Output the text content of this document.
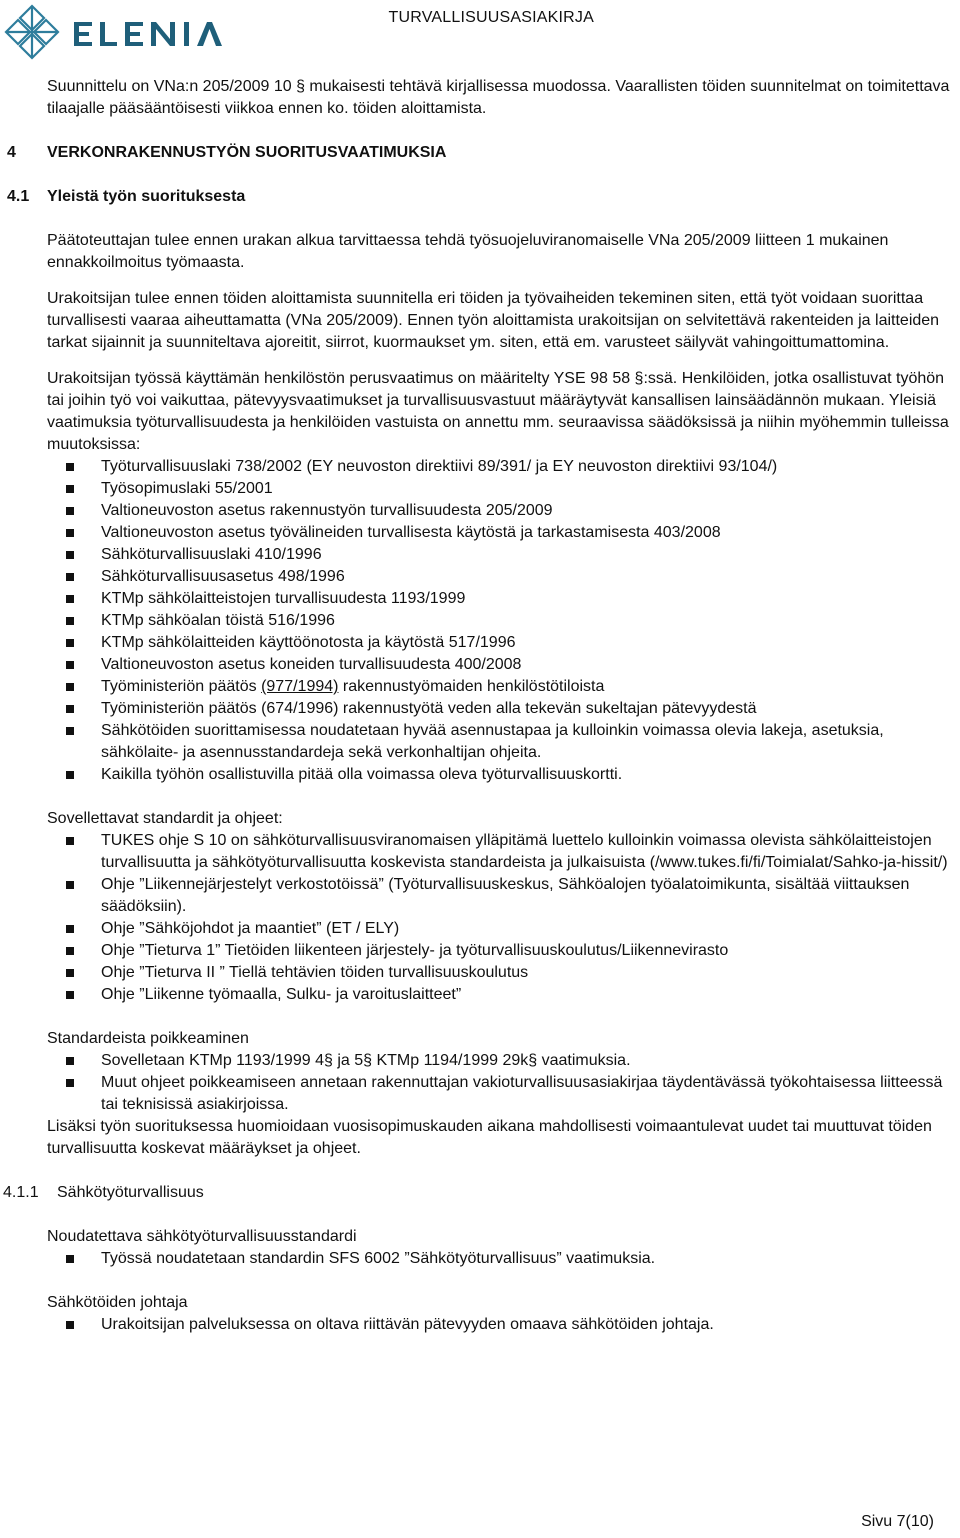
TURVALLISUUSASIAKIRJA

Suunnittelu on VNa:n 205/2009 10 § mukaisesti tehtävä kirjallisessa muodossa. Vaarallisten töiden suunnitelmat on toimitettava tilaajalle pääsääntöisesti viikkoa ennen ko. töiden aloittamista.

4 VERKONRAKENNUSTYÖN SUORITUSVAATIMUKSIA
4.1 Yleistä työn suorituksesta

Päätoteuttajan tulee ennen urakan alkua tarvittaessa tehdä työsuojeluviranomaiselle VNa 205/2009 liitteen 1 mukainen ennakkoilmoitus työmaasta.

Urakoitsijan tulee ennen töiden aloittamista suunnitella eri töiden ja työvaiheiden tekeminen siten, että työt voidaan suorittaa turvallisesti vaaraa aiheuttamatta (VNa 205/2009). Ennen työn aloittamista urakoitsijan on selvitettävä rakenteiden ja laitteiden tarkat sijainnit ja suunniteltava ajoreitit, siirrot, kuormaukset ym. siten, että em. varusteet säilyvät vahingoittumattomina.

Urakoitsijan työssä käyttämän henkilöstön perusvaatimus on määritelty YSE 98 58 §:ssä. Henkilöiden, jotka osallistuvat työhön tai joihin työ voi vaikuttaa, pätevyysvaatimukset ja turvallisuusvastuut määräytyvät kansallisen lainsäädännön mukaan. Yleisiä vaatimuksia työturvallisuudesta ja henkilöiden vastuista on annettu mm. seuraavissa säädöksissä ja niihin myöhemmin tulleissa muutoksissa:

Työturvallisuuslaki 738/2002 (EY neuvoston direktiivi 89/391/ ja EY neuvoston direktiivi 93/104/)
Työsopimuslaki 55/2001
Valtioneuvoston asetus rakennustyön turvallisuudesta 205/2009
Valtioneuvoston asetus työvälineiden turvallisesta käytöstä ja tarkastamisesta 403/2008
Sähköturvallisuuslaki 410/1996
Sähköturvallisuusasetus 498/1996
KTMp sähkölaitteistojen turvallisuudesta 1193/1999
KTMp sähköalan töistä 516/1996
KTMp sähkölaitteiden käyttöönotosta ja käytöstä 517/1996
Valtioneuvoston asetus koneiden turvallisuudesta 400/2008
Työministeriön päätös (977/1994) rakennustyömaiden henkilöstötiloista
Työministeriön päätös (674/1996) rakennustyötä veden alla tekevän sukeltajan pätevyydestä
Sähkötöiden suorittamisessa noudatetaan hyvää asennustapaa ja kulloinkin voimassa olevia lakeja, asetuksia, sähkölaite- ja asennusstandardeja sekä verkonhaltijan ohjeita.
Kaikilla työhön osallistuvilla pitää olla voimassa oleva työturvallisuuskortti.

Sovellettavat standardit ja ohjeet:

TUKES ohje S 10 on sähköturvallisuusviranomaisen ylläpitämä luettelo kulloinkin voimassa olevista sähkölaitteistojen turvallisuutta ja sähkötyöturvallisuutta koskevista standardeista ja julkaisuista (/www.tukes.fi/fi/Toimialat/Sahko-ja-hissit/)
Ohje ”Liikennejärjestelyt verkostotöissä” (Työturvallisuuskeskus, Sähköalojen työalatoimikunta, sisältää viittauksen säädöksiin).
Ohje ”Sähköjohdot ja maantiet” (ET / ELY)
Ohje ”Tieturva 1” Tietöiden liikenteen järjestely- ja työturvallisuuskoulutus/Liikennevirasto
Ohje ”Tieturva II ” Tiellä tehtävien töiden turvallisuuskoulutus
Ohje ”Liikenne työmaalla, Sulku- ja varoituslaitteet”

Standardeista poikkeaminen

Sovelletaan KTMp 1193/1999 4§ ja 5§ KTMp 1194/1999 29k§ vaatimuksia.
Muut ohjeet poikkeamiseen annetaan rakennuttajan vakioturvallisuusasiakirjaa täydentävässä työkohtaisessa liitteessä tai teknisissä asiakirjoissa.

Lisäksi työn suorituksessa huomioidaan vuosisopimuskauden aikana mahdollisesti voimaantulevat uudet tai muuttuvat töiden turvallisuutta koskevat määräykset ja ohjeet.

4.1.1 Sähkötyöturvallisuus

Noudatettava sähkötyöturvallisuusstandardi

Työssä noudatetaan standardin SFS 6002 ”Sähkötyöturvallisuus” vaatimuksia.

Sähkötöiden johtaja

Urakoitsijan palveluksessa on oltava riittävän pätevyyden omaava sähkötöiden johtaja.
Sivu 7(10)
